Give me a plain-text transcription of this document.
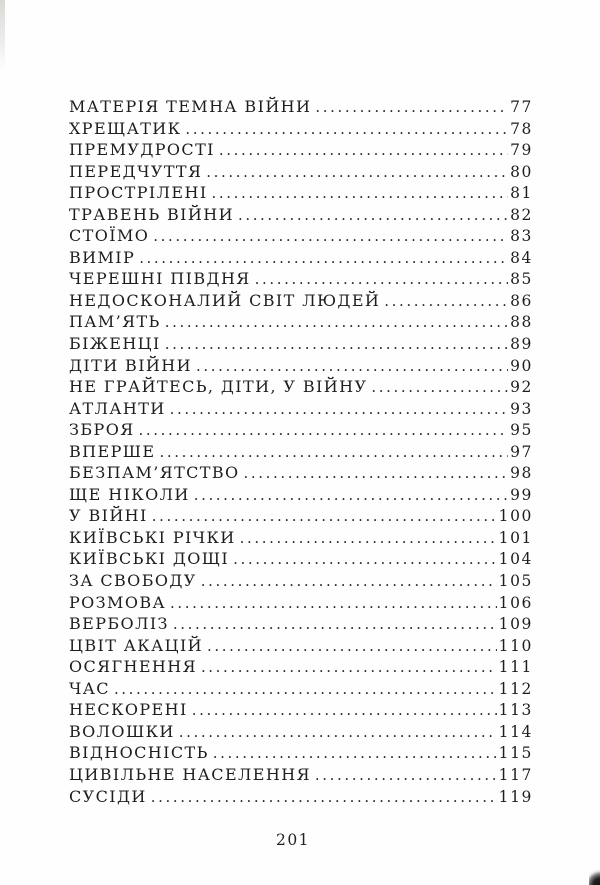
МАТЕРІЯ ТЕМНА ВІЙНИ .....	77
ХРЕЩАТИК .....	78
ПРЕМУДРОСТІ .....	79
ПЕРЕДЧУТТЯ .....	80
ПРОСТРІЛЕНІ .....	81
ТРАВЕНЬ ВІЙНИ .....	82
СТОЇМО .....	83
ВИМІР .....	84
ЧЕРЕШНІ ПІВДНЯ .....	85
НЕДОСКОНАЛИЙ СВІТ ЛЮДЕЙ .....	86
ПАМ’ЯТЬ .....	88
БІЖЕНЦІ .....	89
ДІТИ ВІЙНИ .....	90
НЕ ГРАЙТЕСЬ, ДІТИ, У ВІЙНУ .....	92
АТЛАНТИ .....	93
ЗБРОЯ .....	95
ВПЕРШЕ .....	97
БЕЗПАМ’ЯТСТВО .....	98
ЩЕ НІКОЛИ .....	99
У ВІЙНІ .....	100
КИЇВСЬКІ РІЧКИ .....	101
КИЇВСЬКІ ДОЩІ .....	104
ЗА СВОБОДУ .....	105
РОЗМОВА .....	106
ВЕРБОЛІЗ .....	109
ЦВІТ АКАЦІЙ .....	110
ОСЯГНЕННЯ .....	111
ЧАС .....	112
НЕСКОРЕНІ .....	113
ВОЛОШКИ .....	114
ВІДНОСНІСТЬ .....	115
ЦИВІЛЬНЕ НАСЕЛЕННЯ .....	117
СУСІДИ .....	119
201
